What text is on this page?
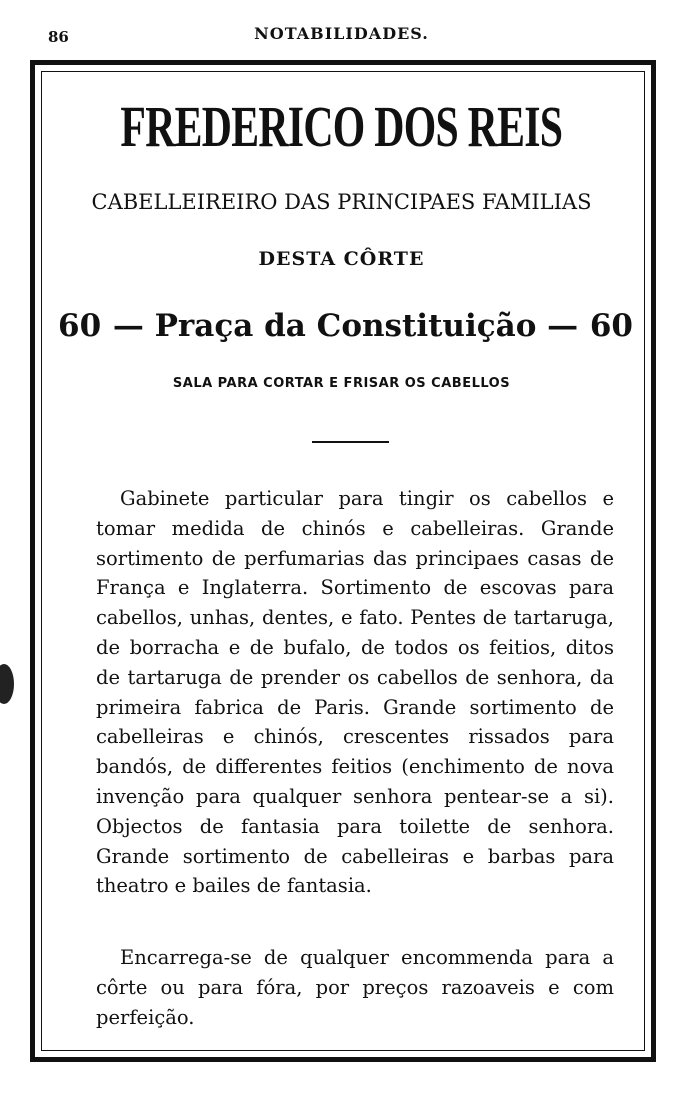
86	NOTABILIDADES.
FREDERICO DOS REIS
CABELLEIREIRO DAS PRINCIPAES FAMILIAS
DESTA CÔRTE
60 — Praça da Constituição — 60
SALA PARA CORTAR E FRISAR OS CABELLOS

Gabinete particular para tingir os cabellos e tomar medida de chinós e cabelleiras. Grande sortimento de perfumarias das principaes casas de França e Inglaterra. Sortimento de escovas para cabellos, unhas, dentes, e fato. Pentes de tartaruga, de borracha e de bufalo, de todos os feitios, ditos de tartaruga de prender os cabellos de senhora, da primeira fabrica de Paris. Grande sortimento de cabelleiras e chinós, crescentes rissados para bandós, de differentes feitios (enchimento de nova invenção para qualquer senhora pentear-se a si). Objectos de fantasia para toilette de senhora. Grande sortimento de cabelleiras e barbas para theatro e bailes de fantasia.

Encarrega-se de qualquer encommenda para a côrte ou para fóra, por preços razoaveis e com perfeição.
